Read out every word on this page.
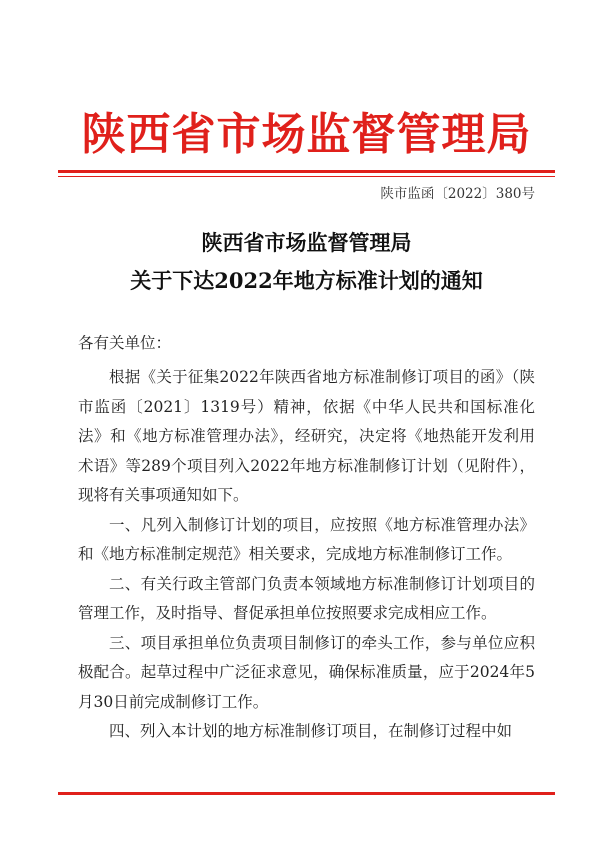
陕西省市场监督管理局
陕市监函〔2022〕380号
陕西省市场监督管理局
关于下达2022年地方标准计划的通知
各有关单位：

根据《关于征集2022年陕西省地方标准制修订项目的函》（陕市监函〔2021〕1319号）精神，依据《中华人民共和国标准化法》和《地方标准管理办法》，经研究，决定将《地热能开发利用术语》等289个项目列入2022年地方标准制修订计划（见附件），现将有关事项通知如下。

一、凡列入制修订计划的项目，应按照《地方标准管理办法》和《地方标准制定规范》相关要求，完成地方标准制修订工作。

二、有关行政主管部门负责本领域地方标准制修订计划项目的管理工作，及时指导、督促承担单位按照要求完成相应工作。

三、项目承担单位负责项目制修订的牵头工作，参与单位应积极配合。起草过程中广泛征求意见，确保标准质量，应于2024年5月30日前完成制修订工作。

四、列入本计划的地方标准制修订项目，在制修订过程中如
